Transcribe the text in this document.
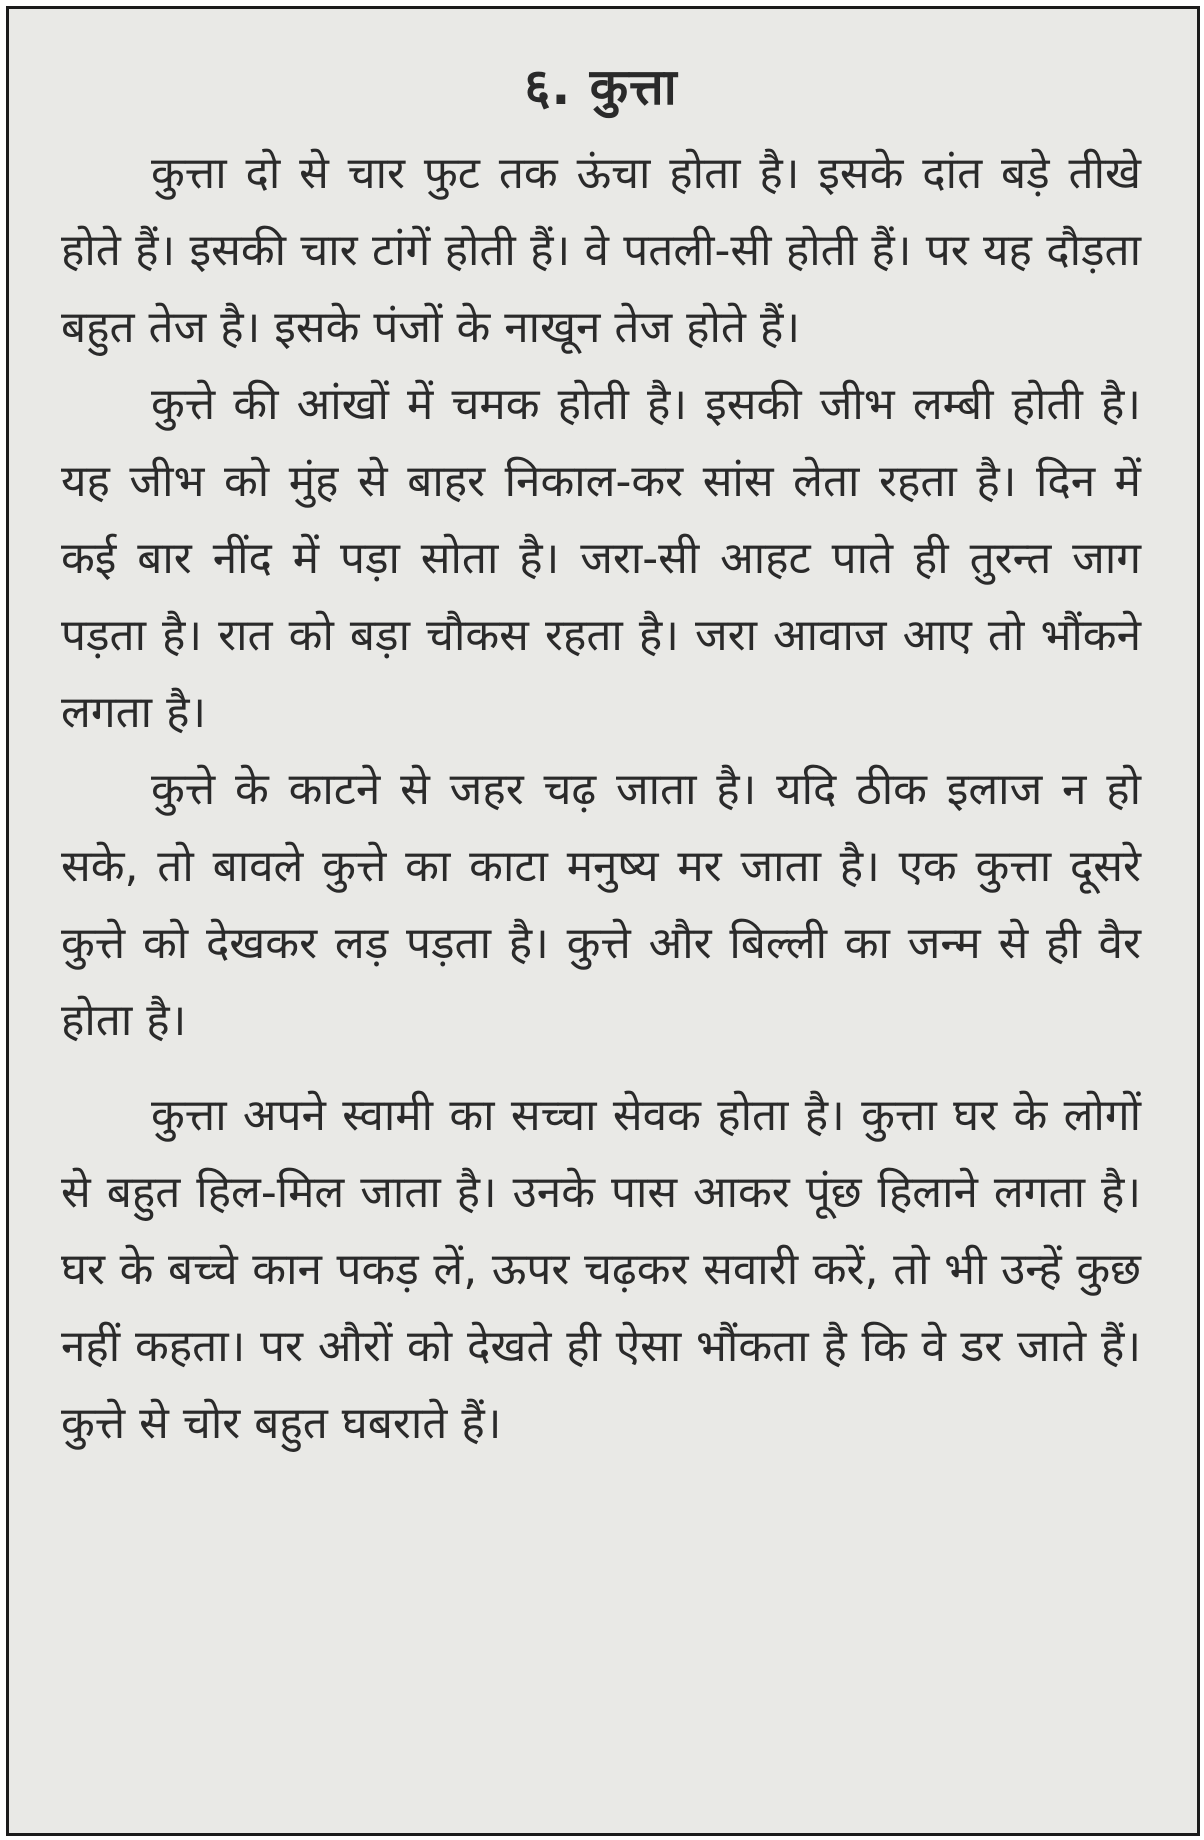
६. कुत्ता

कुत्ता दो से चार फुट तक ऊंचा होता है। इसके दांत बड़े तीखे होते हैं। इसकी चार टांगें होती हैं। वे पतली-सी होती हैं। पर यह दौड़ता बहुत तेज है। इसके पंजों के नाखून तेज होते हैं।

कुत्ते की आंखों में चमक होती है। इसकी जीभ लम्बी होती है। यह जीभ को मुंह से बाहर निकाल-कर सांस लेता रहता है। दिन में कई बार नींद में पड़ा सोता है। जरा-सी आहट पाते ही तुरन्त जाग पड़ता है। रात को बड़ा चौकस रहता है। जरा आवाज आए तो भौंकने लगता है।

कुत्ते के काटने से जहर चढ़ जाता है। यदि ठीक इलाज न हो सके, तो बावले कुत्ते का काटा मनुष्य मर जाता है। एक कुत्ता दूसरे कुत्ते को देखकर लड़ पड़ता है। कुत्ते और बिल्ली का जन्म से ही वैर होता है।

कुत्ता अपने स्वामी का सच्चा सेवक होता है। कुत्ता घर के लोगों से बहुत हिल-मिल जाता है। उनके पास आकर पूंछ हिलाने लगता है। घर के बच्चे कान पकड़ लें, ऊपर चढ़कर सवारी करें, तो भी उन्हें कुछ नहीं कहता। पर औरों को देखते ही ऐसा भौंकता है कि वे डर जाते हैं। कुत्ते से चोर बहुत घबराते हैं।
